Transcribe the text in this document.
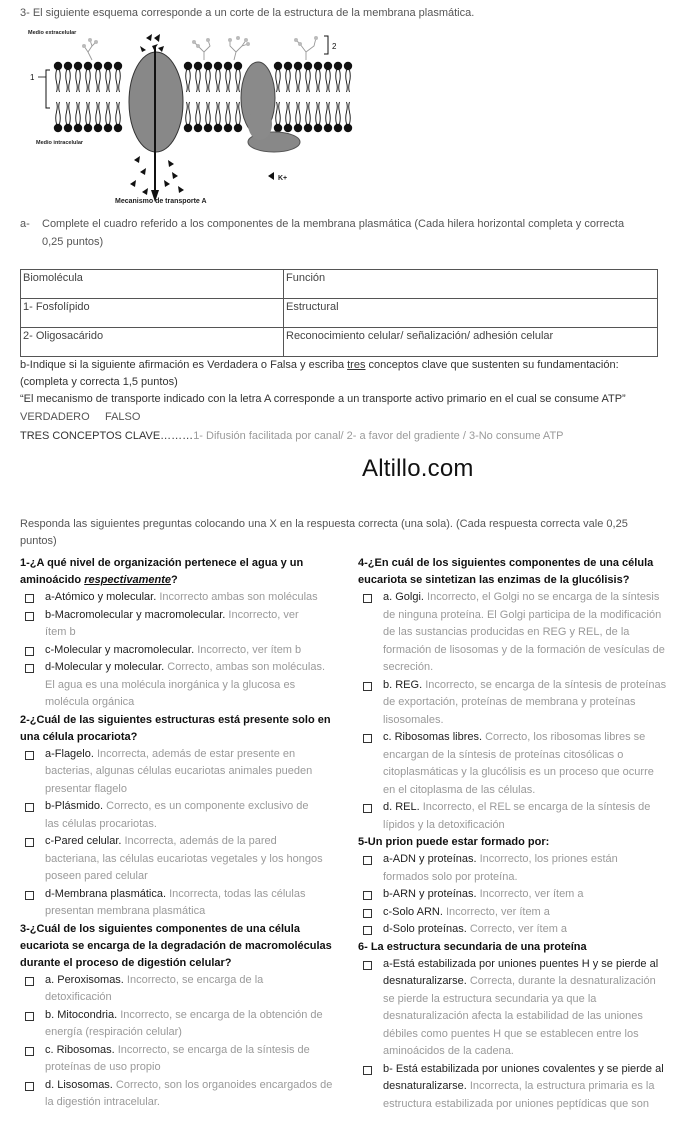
3- El siguiente esquema corresponde a un corte de la estructura de la membrana plasmática.
1
2
Medio extracelular
Medio intracelular
K+
Mecanismo de transporte A
a- Complete el cuadro referido a los componentes de la membrana plasmática (Cada hilera horizontal completa y correcta
0,25 puntos)
Biomolécula	Función
1- Fosfolípido	Estructural
2- Oligosacárido	Reconocimiento celular/ señalización/ adhesión celular
b-Indique si la siguiente afirmación es Verdadera o Falsa y escriba tres conceptos clave que sustenten su fundamentación:
(completa y correcta 1,5 puntos)
“El mecanismo de transporte indicado con la letra A corresponde a un transporte activo primario en el cual se consume ATP”
VERDADERO     FALSO
TRES CONCEPTOS CLAVE………1- Difusión facilitada por canal/ 2- a favor del gradiente / 3-No consume ATP
Altillo.com
Responda las siguientes preguntas colocando una X en la respuesta correcta (una sola). (Cada respuesta correcta vale 0,25
puntos)
1-¿A qué nivel de organización pertenece el agua y un
aminoácido respectivamente?
a-Atómico y molecular. Incorrecto ambas son moléculas
b-Macromolecular y macromolecular. Incorrecto, ver
ítem b
c-Molecular y macromolecular. Incorrecto, ver ítem b
d-Molecular y molecular. Correcto, ambas son moléculas.
El agua es una molécula inorgánica y la glucosa es
molécula orgánica
2-¿Cuál de las siguientes estructuras está presente solo en
una célula procariota?
a-Flagelo. Incorrecta, además de estar presente en
bacterias, algunas células eucariotas animales pueden
presentar flagelo
b-Plásmido. Correcto, es un componente exclusivo de
las células procariotas.
c-Pared celular. Incorrecta, además de la pared
bacteriana, las células eucariotas vegetales y los hongos
poseen pared celular
d-Membrana plasmática. Incorrecta, todas las células
presentan membrana plasmática
3-¿Cuál de los siguientes componentes de una célula
eucariota se encarga de la degradación de macromoléculas
durante el proceso de digestión celular?
a. Peroxisomas. Incorrecto, se encarga de la
detoxificación
b. Mitocondria. Incorrecto, se encarga de la obtención de
energía (respiración celular)
c. Ribosomas. Incorrecto, se encarga de la síntesis de
proteínas de uso propio
d. Lisosomas. Correcto, son los organoides encargados de
la digestión intracelular.
4-¿En cuál de los siguientes componentes de una célula
eucariota se sintetizan las enzimas de la glucólisis?
a. Golgi. Incorrecto, el Golgi no se encarga de la síntesis
de ninguna proteína. El Golgi participa de la modificación
de las sustancias producidas en REG y REL, de la
formación de lisosomas y de la formación de vesículas de
secreción.
b. REG. Incorrecto, se encarga de la síntesis de proteínas
de exportación, proteínas de membrana y proteínas
lisosomales.
c. Ribosomas libres. Correcto, los ribosomas libres se
encargan de la síntesis de proteínas citosólicas o
citoplasmáticas y la glucólisis es un proceso que ocurre
en el citoplasma de las células.
d. REL. Incorrecto, el REL se encarga de la síntesis de
lípidos y la detoxificación
5-Un prion puede estar formado por:
a-ADN y proteínas. Incorrecto, los priones están
formados solo por proteína.
b-ARN y proteínas. Incorrecto, ver ítem a
c-Solo ARN. Incorrecto, ver ítem a
d-Solo proteínas. Correcto, ver ítem a
6- La estructura secundaria de una proteína
a-Está estabilizada por uniones puentes H y se pierde al
desnaturalizarse. Correcta, durante la desnaturalización
se pierde la estructura secundaria ya que la
desnaturalización afecta la estabilidad de las uniones
débiles como puentes H que se establecen entre los
aminoácidos de la cadena.
b- Está estabilizada por uniones covalentes y se pierde al
desnaturalizarse. Incorrecta, la estructura primaria es la
estructura estabilizada por uniones peptídicas que son
